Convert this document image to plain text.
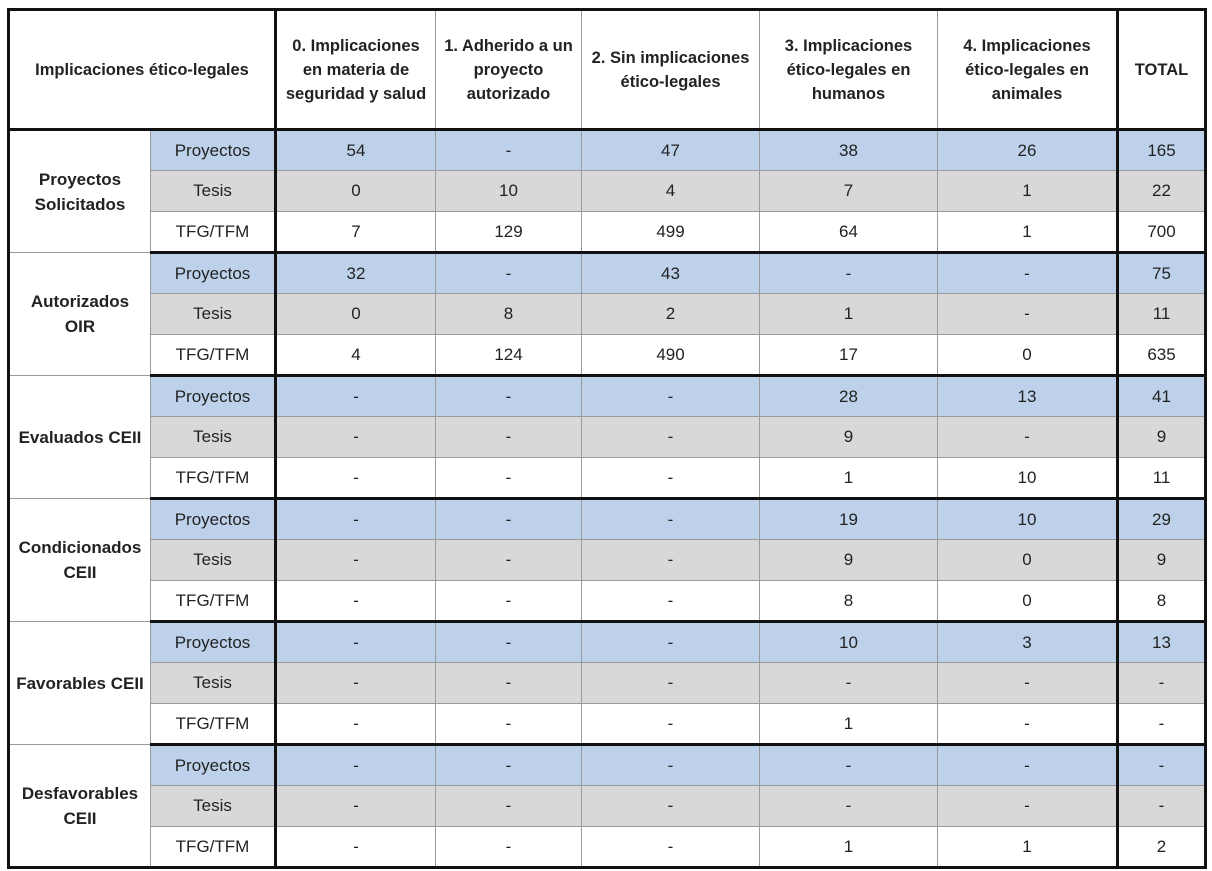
Implicaciones ético-legales		0. Implicaciones en materia de seguridad y salud	1. Adherido a un proyecto autorizado	2. Sin implicaciones ético-legales	3. Implicaciones ético-legales en humanos	4. Implicaciones ético-legales en animales	TOTAL
Proyectos Solicitados	Proyectos	54	-	47	38	26	165
	Tesis	0	10	4	7	1	22
	TFG/TFM	7	129	499	64	1	700
Autorizados OIR	Proyectos	32	-	43	-	-	75
	Tesis	0	8	2	1	-	11
	TFG/TFM	4	124	490	17	0	635
Evaluados CEII	Proyectos	-	-	-	28	13	41
	Tesis	-	-	-	9	-	9
	TFG/TFM	-	-	-	1	10	11
Condicionados CEII	Proyectos	-	-	-	19	10	29
	Tesis	-	-	-	9	0	9
	TFG/TFM	-	-	-	8	0	8
Favorables CEII	Proyectos	-	-	-	10	3	13
	Tesis	-	-	-	-	-	-
	TFG/TFM	-	-	-	1	-	-
Desfavorables CEII	Proyectos	-	-	-	-	-	-
	Tesis	-	-	-	-	-	-
	TFG/TFM	-	-	-	1	1	2
